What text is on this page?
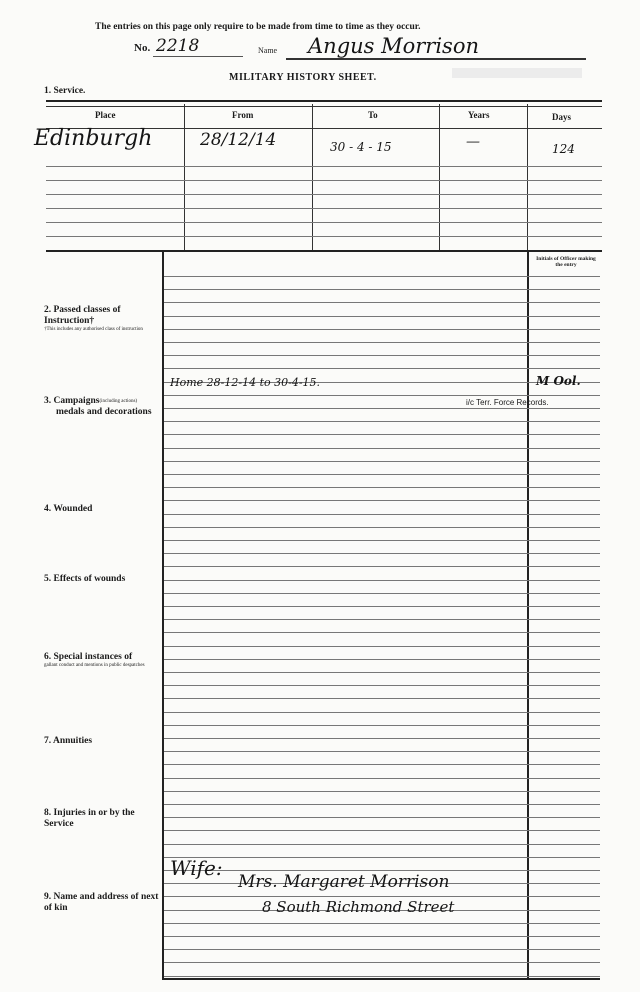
The entries on this page only require to be made from time to time as they occur.
No. 2218	Name Angus Morrison
MILITARY HISTORY SHEET.
1. Service.
Place	From	To	Years	Days
Edinburgh	28/12/14	30 - 4 - 15	—	124
Initials of Officer making the entry
2. Passed classes of Instruction†
†This includes any authorised class of instruction
3. Campaigns$^{(including actions)}$

medals and decorations
4. Wounded
5. Effects of wounds
6. Special instances of
gallant conduct and mentions in public despatches
7. Annuities
8. Injuries in or by the Service
9. Name and address of next of kin
Home 28-12-14 to 30-4-15.	M Ool.
i/c Terr. Force Records.
Wife:
Mrs. Margaret Morrison
8 South Richmond Street
